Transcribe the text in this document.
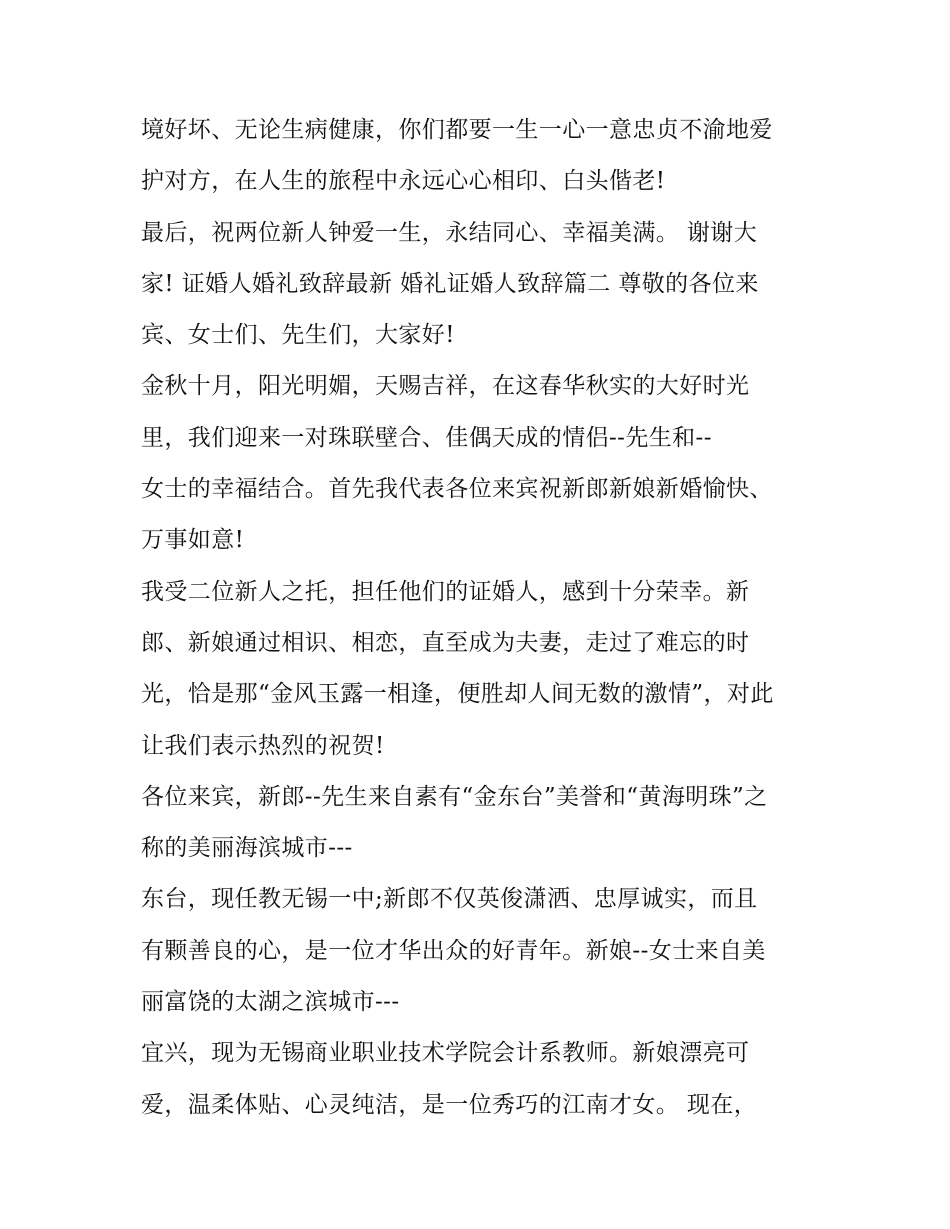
境好坏、无论生病健康，你们都要一生一心一意忠贞不渝地爱
护对方，在人生的旅程中永远心心相印、白头偕老!
最后，祝两位新人钟爱一生，永结同心、幸福美满。 谢谢大
家! 证婚人婚礼致辞最新 婚礼证婚人致辞篇二 尊敬的各位来
宾、女士们、先生们，大家好!
金秋十月，阳光明媚，天赐吉祥，在这春华秋实的大好时光
里，我们迎来一对珠联壁合、佳偶天成的情侣--先生和--
女士的幸福结合。首先我代表各位来宾祝新郎新娘新婚愉快、
万事如意!
我受二位新人之托，担任他们的证婚人，感到十分荣幸。新
郎、新娘通过相识、相恋，直至成为夫妻，走过了难忘的时
光，恰是那“金风玉露一相逢，便胜却人间无数的激情”，对此
让我们表示热烈的祝贺!
各位来宾，新郎--先生来自素有“金东台”美誉和“黄海明珠”之
称的美丽海滨城市---
东台，现任教无锡一中;新郎不仅英俊潇洒、忠厚诚实，而且
有颗善良的心，是一位才华出众的好青年。新娘--女士来自美
丽富饶的太湖之滨城市---
宜兴，现为无锡商业职业技术学院会计系教师。新娘漂亮可
爱，温柔体贴、心灵纯洁，是一位秀巧的江南才女。 现在，
